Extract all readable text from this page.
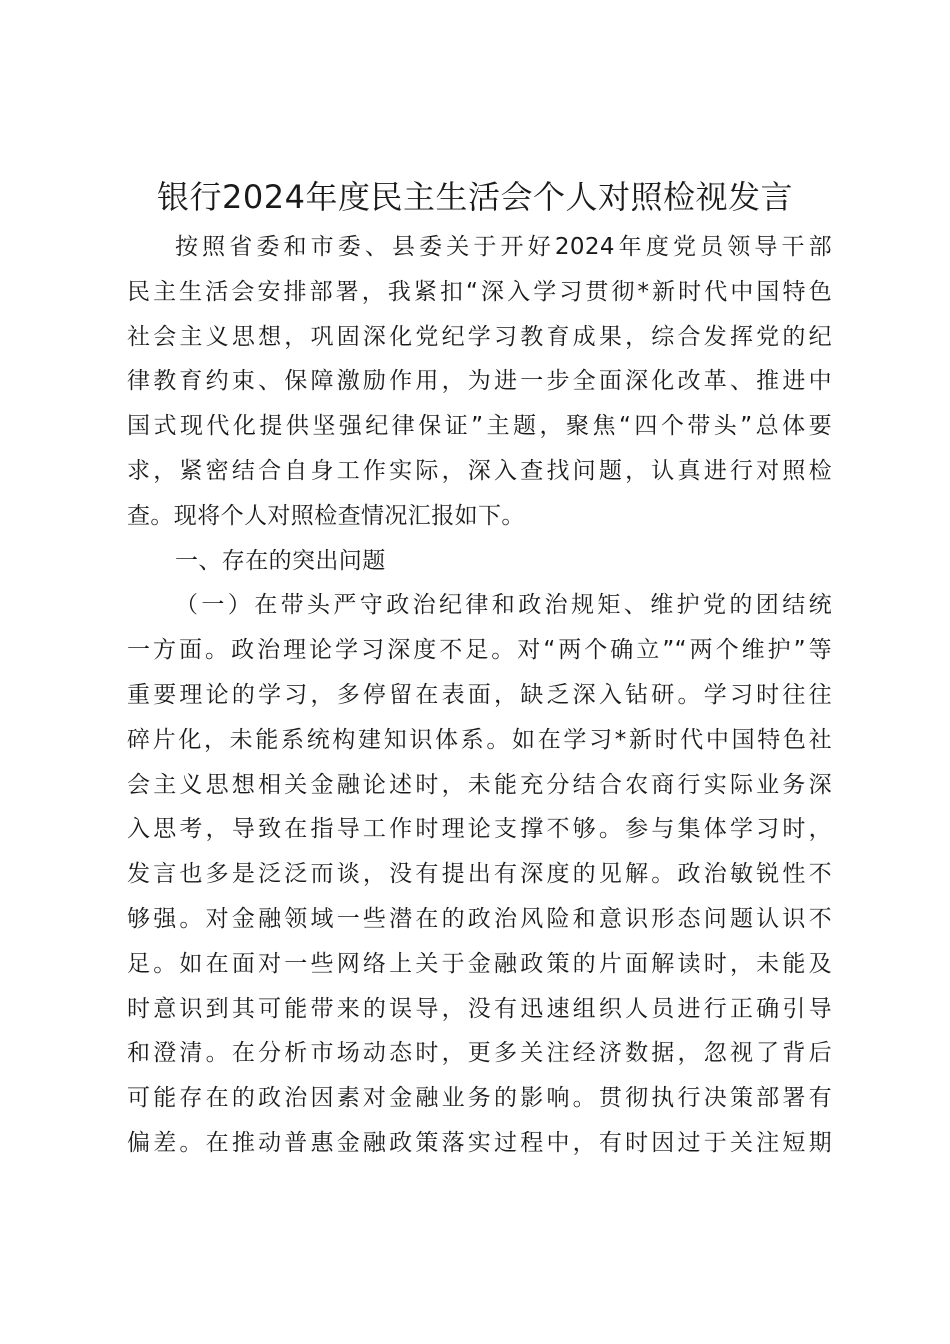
银行2024年度民主生活会个人对照检视发言
按照省委和市委、县委关于开好2024年度党员领导干部
民主生活会安排部署，我紧扣“深入学习贯彻*新时代中国特色
社会主义思想，巩固深化党纪学习教育成果，综合发挥党的纪
律教育约束、保障激励作用，为进一步全面深化改革、推进中
国式现代化提供坚强纪律保证”主题，聚焦“四个带头”总体要
求，紧密结合自身工作实际，深入查找问题，认真进行对照检
查。现将个人对照检查情况汇报如下。
一、存在的突出问题
（一）在带头严守政治纪律和政治规矩、维护党的团结统
一方面。政治理论学习深度不足。对“两个确立”“两个维护”等
重要理论的学习，多停留在表面，缺乏深入钻研。学习时往往
碎片化，未能系统构建知识体系。如在学习*新时代中国特色社
会主义思想相关金融论述时，未能充分结合农商行实际业务深
入思考，导致在指导工作时理论支撑不够。参与集体学习时，
发言也多是泛泛而谈，没有提出有深度的见解。政治敏锐性不
够强。对金融领域一些潜在的政治风险和意识形态问题认识不
足。如在面对一些网络上关于金融政策的片面解读时，未能及
时意识到其可能带来的误导，没有迅速组织人员进行正确引导
和澄清。在分析市场动态时，更多关注经济数据，忽视了背后
可能存在的政治因素对金融业务的影响。贯彻执行决策部署有
偏差。在推动普惠金融政策落实过程中，有时因过于关注短期
